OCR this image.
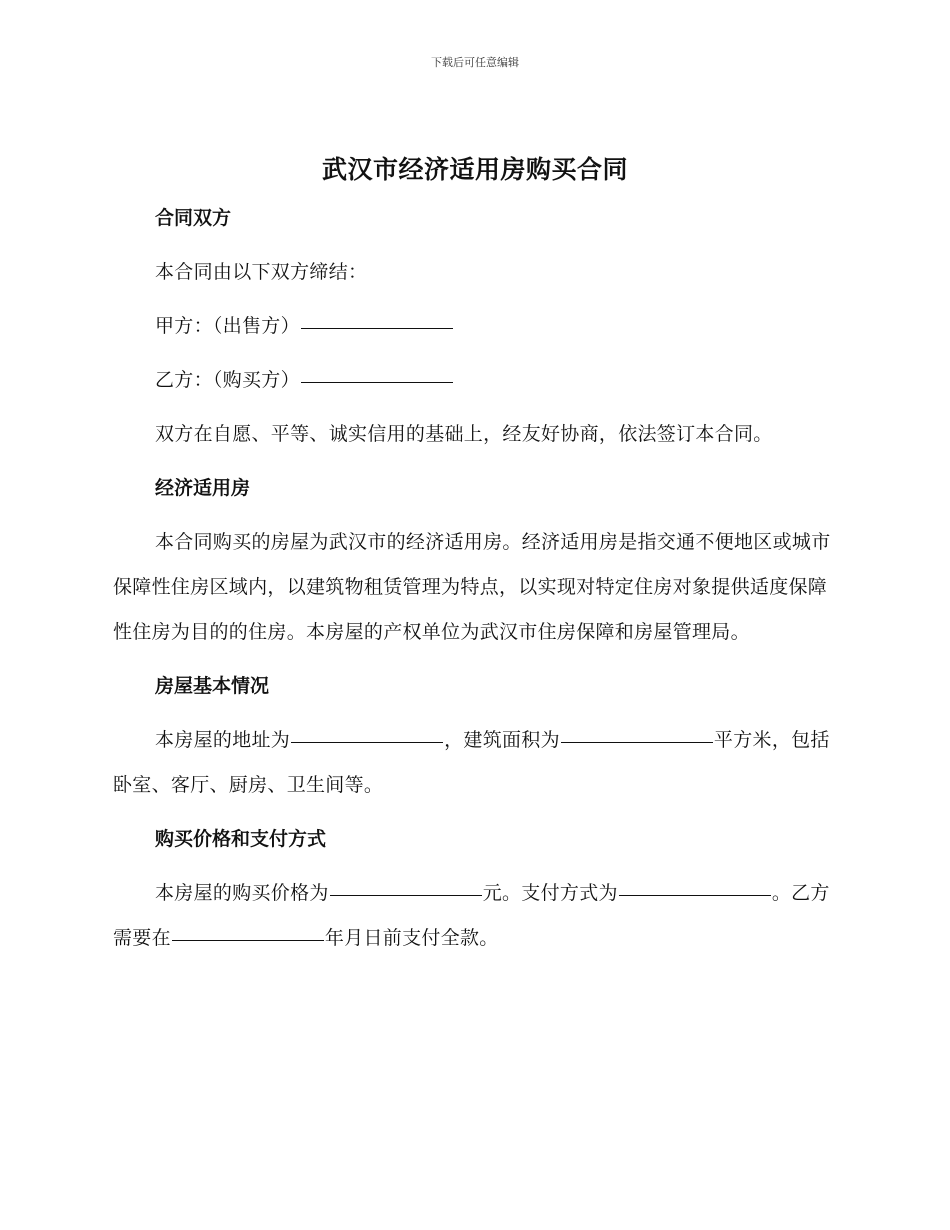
下载后可任意编辑
武汉市经济适用房购买合同

合同双方

本合同由以下双方缔结：

甲方：（出售方）

乙方：（购买方）

双方在自愿、平等、诚实信用的基础上，经友好协商，依法签订本合同。

经济适用房

本合同购买的房屋为武汉市的经济适用房。经济适用房是指交通不便地区或城市保障性住房区域内，以建筑物租赁管理为特点，以实现对特定住房对象提供适度保障性住房为目的的住房。本房屋的产权单位为武汉市住房保障和房屋管理局。

房屋基本情况

本房屋的地址为	，建筑面积为	平方米，包括卧室、客厅、厨房、卫生间等。

购买价格和支付方式

本房屋的购买价格为	元。支付方式为	。乙方需要在	年月日前支付全款。
